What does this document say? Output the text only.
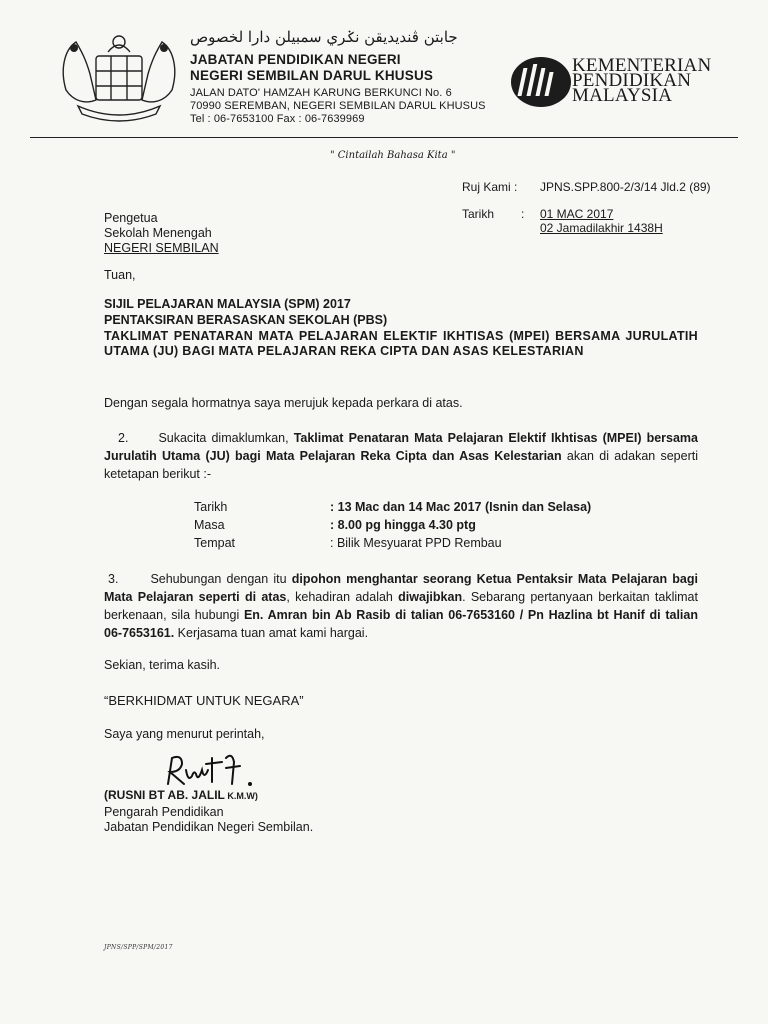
جابتن ڤنديديقن نݢري سمبيلن دارا لخصوص
JABATAN PENDIDIKAN NEGERI
NEGERI SEMBILAN DARUL KHUSUS
JALAN DATO' HAMZAH KARUNG BERKUNCI No. 6
70990 SEREMBAN, NEGERI SEMBILAN DARUL KHUSUS
Tel : 06-7653100 Fax : 06-7639969
KEMENTERIAN
PENDIDIKAN
MALAYSIA
" Cintailah Bahasa Kita "
Ruj Kami : JPNS.SPP.800-2/3/14 Jld.2 (89)
Tarikh : 01 MAC 2017
02 Jamadilakhir 1438H
Pengetua
Sekolah Menengah
NEGERI SEMBILAN
Tuan,
SIJIL PELAJARAN MALAYSIA (SPM) 2017
PENTAKSIRAN BERASASKAN SEKOLAH (PBS)
TAKLIMAT PENATARAN MATA PELAJARAN ELEKTIF IKHTISAS (MPEI) BERSAMA JURULATIH UTAMA (JU) BAGI MATA PELAJARAN REKA CIPTA DAN ASAS KELESTARIAN
Dengan segala hormatnya saya merujuk kepada perkara di atas.
2. Sukacita dimaklumkan, Taklimat Penataran Mata Pelajaran Elektif Ikhtisas (MPEI) bersama Jurulatih Utama (JU) bagi Mata Pelajaran Reka Cipta dan Asas Kelestarian akan di adakan seperti ketetapan berikut :-
Tarikh	: 13 Mac dan 14 Mac 2017 (Isnin dan Selasa)
Masa	: 8.00 pg hingga 4.30 ptg
Tempat	: Bilik Mesyuarat PPD Rembau
3.	Sehubungan dengan itu dipohon menghantar seorang Ketua Pentaksir Mata Pelajaran bagi Mata Pelajaran seperti di atas, kehadiran adalah diwajibkan. Sebarang pertanyaan berkaitan taklimat berkenaan, sila hubungi En. Amran bin Ab Rasib di talian 06-7653160 / Pn Hazlina bt Hanif di talian 06-7653161. Kerjasama tuan amat kami hargai.
Sekian, terima kasih.
“BERKHIDMAT UNTUK NEGARA”
Saya yang menurut perintah,
(RUSNI BT AB. JALIL K.M.W)
Pengarah Pendidikan
Jabatan Pendidikan Negeri Sembilan.
JPNS/SPP/SPM/2017
